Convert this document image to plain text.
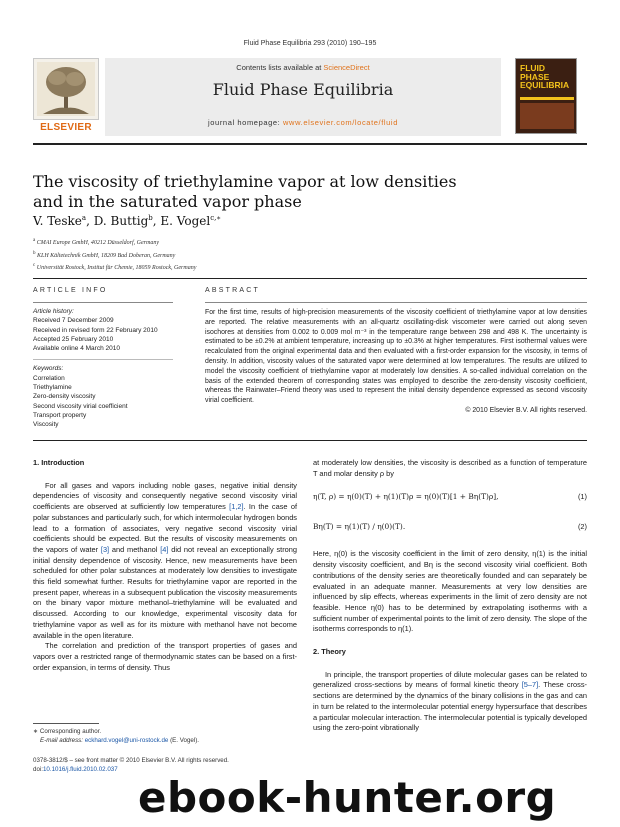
Fluid Phase Equilibria 293 (2010) 190–195
ELSEVIER
Contents lists available at ScienceDirect
Fluid Phase Equilibria
journal homepage: www.elsevier.com/locate/fluid
FLUID PHASE EQUILIBRIA
The viscosity of triethylamine vapor at low densities
and in the saturated vapor phase
V. Teske$^a$, D. Buttig$^b$, E. Vogel$^{c,∗}$
$^a$ CMAI Europe GmbH, 40212 Düsseldorf, Germany
$^b$ KLH Kältetechnik GmbH, 18209 Bad Doberan, Germany
$^c$ Universität Rostock, Institut für Chemie, 18059 Rostock, Germany
ARTICLE INFO
Article history:
Received 7 December 2009
Received in revised form 22 February 2010
Accepted 25 February 2010
Available online 4 March 2010
Keywords:
Correlation
Triethylamine
Zero-density viscosity
Second viscosity virial coefficient
Transport property
Viscosity
ABSTRACT
For the first time, results of high-precision measurements of the viscosity coefficient of triethylamine vapor at low densities are reported. The relative measurements with an all-quartz oscillating-disk viscometer were carried out along seven isochores at densities from 0.002 to 0.009 mol m⁻³ in the temperature range between 298 and 498 K. The uncertainty is estimated to be ±0.2% at ambient temperature, increasing up to ±0.3% at higher temperatures. First isothermal values were recalculated from the original experimental data and then evaluated with a first-order expansion for the viscosity, in terms of density. In addition, viscosity values of the saturated vapor were determined at low temperatures. The results are utilized to model the viscosity coefficient of triethylamine vapor at moderately low densities. A so-called individual correlation on the basis of the extended theorem of corresponding states was employed to describe the zero-density viscosity coefficient, whereas the Rainwater–Friend theory was used to represent the initial density dependence expressed as second viscosity virial coefficient.
© 2010 Elsevier B.V. All rights reserved.
1. Introduction

For all gases and vapors including noble gases, negative initial density dependencies of viscosity and consequently negative second viscosity virial coefficients are observed at sufficiently low temperatures [1,2]. In the case of polar substances and particularly such, for which intermolecular hydrogen bonds lead to a formation of associates, very negative second viscosity virial coefficients should be expected. But the results of viscosity measurements on the vapors of water [3] and methanol [4] did not reveal an exceptionally strong initial density dependence of viscosity. Hence, new measurements have been scheduled for other polar substances at moderately low densities to investigate this field somewhat further. Results for triethylamine vapor are reported in the present paper, whereas in a subsequent publication the viscosity measurements on the binary vapor mixture methanol–triethylamine will be evaluated and discussed. According to our knowledge, experimental viscosity data for triethylamine vapor as well as for its mixture with methanol have not become available in the open literature.

The correlation and prediction of the transport properties of gases and vapors over a restricted range of thermodynamic states can be based on a first-order expansion, in terms of density. Thus

at moderately low densities, the viscosity is described as a function of temperature T and molar density ρ by
η(T, ρ) = η(0)(T) + η(1)(T)ρ = η(0)(T)[1 + Bη(T)ρ],	(1)
Bη(T) = η(1)(T) / η(0)(T).	(2)

Here, η(0) is the viscosity coefficient in the limit of zero density, η(1) is the initial density viscosity coefficient, and Bη is the second viscosity virial coefficient. Both contributions of the density series are theoretically founded and can separately be evaluated in an adequate manner. Measurements at very low densities are influenced by slip effects, whereas experiments in the limit of zero density are not feasible. Hence η(0) has to be determined by extrapolating isotherms with a sufficient number of experimental points to the limit of zero density. The slope of the isotherms corresponds to η(1).

2. Theory

In principle, the transport properties of dilute molecular gases can be related to generalized cross-sections by means of formal kinetic theory [5–7]. These cross-sections are determined by the dynamics of the binary collisions in the gas and can in turn be related to the intermolecular potential energy hypersurface that describes a particular molecular interaction. The intermolecular potential is typically developed using the zero-point vibrationally

∗ Corresponding author.
E-mail address: eckhard.vogel@uni-rostock.de (E. Vogel).
0378-3812/$ – see front matter © 2010 Elsevier B.V. All rights reserved.
doi:10.1016/j.fluid.2010.02.037
ebook-hunter.org
